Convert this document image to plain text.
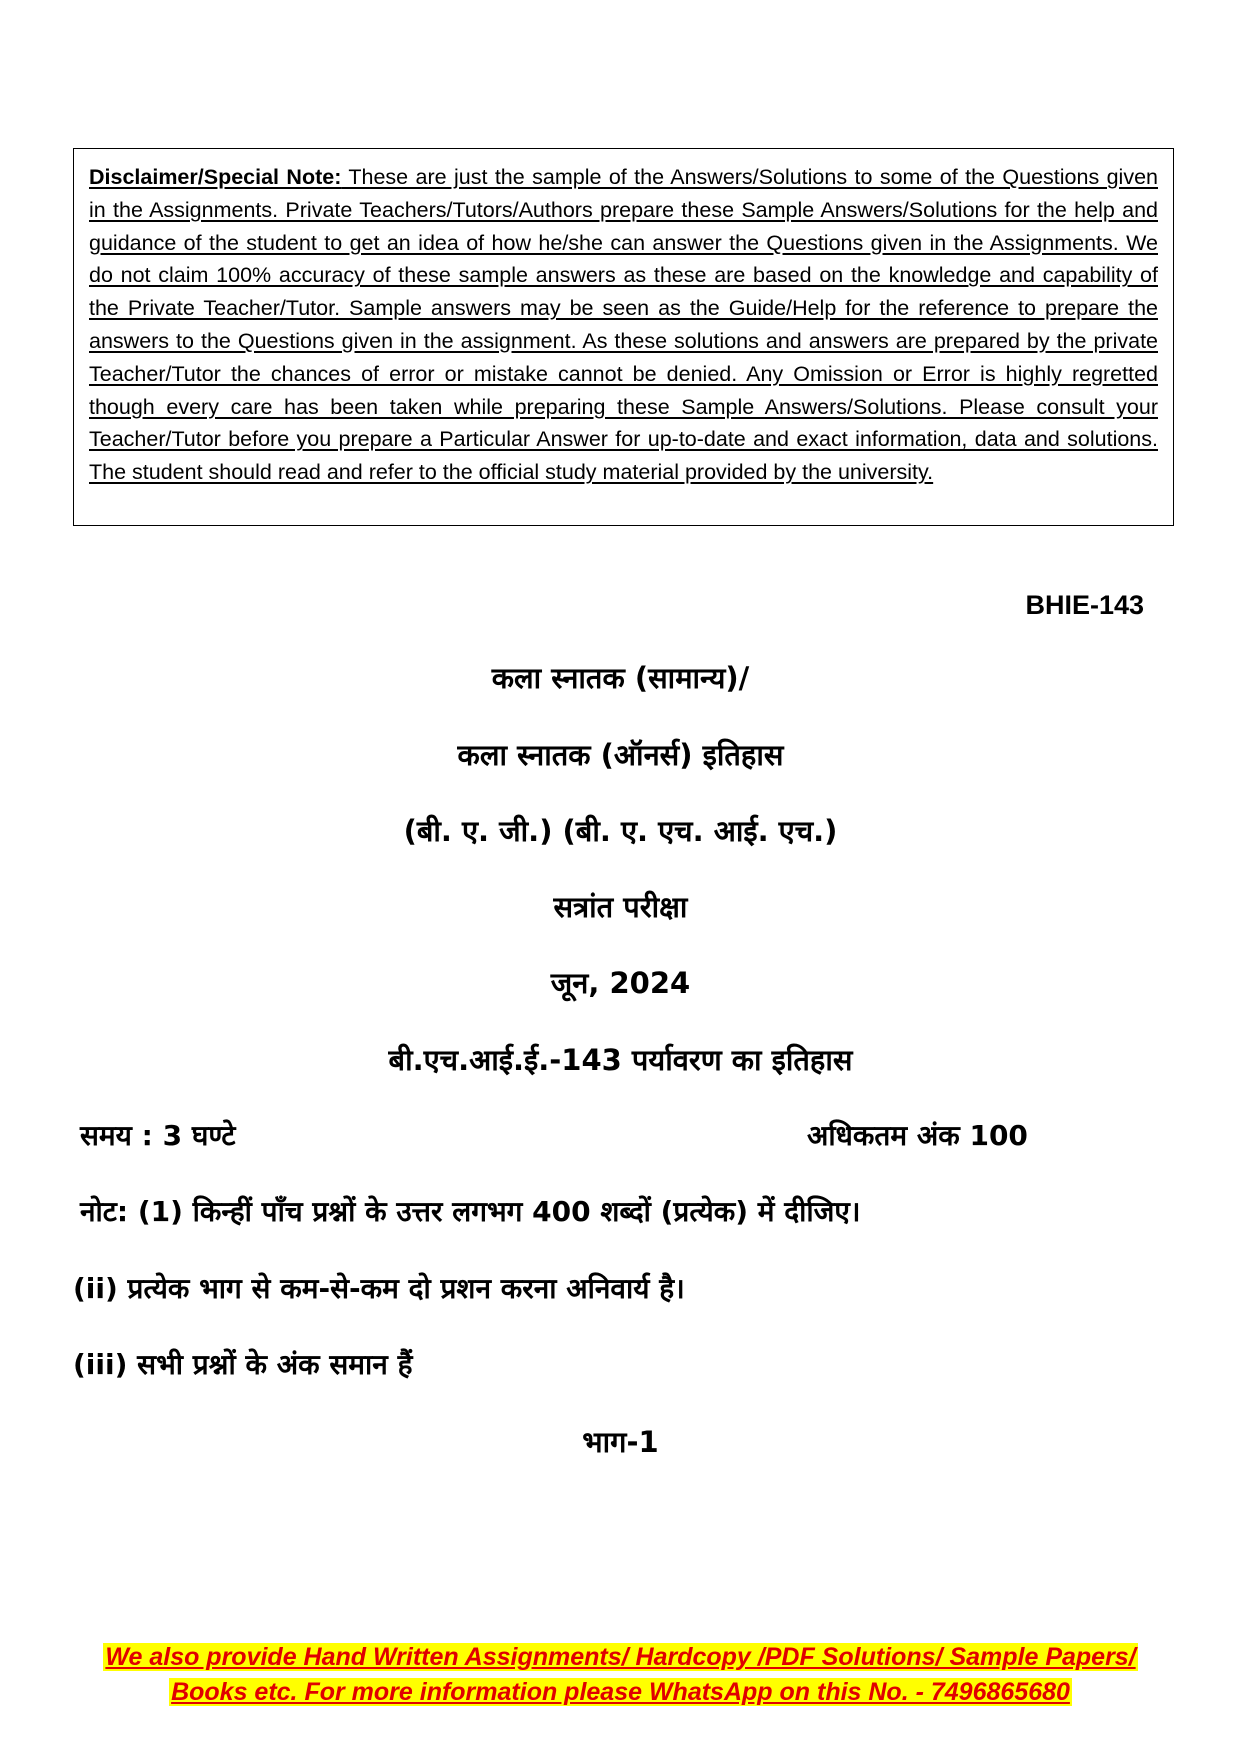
Disclaimer/Special Note: These are just the sample of the Answers/Solutions to some of the Questions given in the Assignments. Private Teachers/Tutors/Authors prepare these Sample Answers/Solutions for the help and guidance of the student to get an idea of how he/she can answer the Questions given in the Assignments. We do not claim 100% accuracy of these sample answers as these are based on the knowledge and capability of the Private Teacher/Tutor. Sample answers may be seen as the Guide/Help for the reference to prepare the answers to the Questions given in the assignment. As these solutions and answers are prepared by the private Teacher/Tutor the chances of error or mistake cannot be denied. Any Omission or Error is highly regretted though every care has been taken while preparing these Sample Answers/Solutions. Please consult your Teacher/Tutor before you prepare a Particular Answer for up-to-date and exact information, data and solutions. The student should read and refer to the official study material provided by the university.
BHIE-143
कला स्नातक (सामान्य)/
कला स्नातक (ऑनर्स) इतिहास
(बी. ए. जी.) (बी. ए. एच. आई. एच.)
सत्रांत परीक्षा
जून, 2024
बी.एच.आई.ई.-143 पर्यावरण का इतिहास
समय : 3 घण्टे	अधिकतम अंक 100
नोट: (1) किन्हीं पाँच प्रश्नों के उत्तर लगभग 400 शब्दों (प्रत्येक) में दीजिए।
(ii) प्रत्येक भाग से कम-से-कम दो प्रशन करना अनिवार्य है।
(iii) सभी प्रश्नों के अंक समान हैं
भाग-1
We also provide Hand Written Assignments/ Hardcopy /PDF Solutions/ Sample Papers/
Books etc. For more information please WhatsApp on this No. - 7496865680
